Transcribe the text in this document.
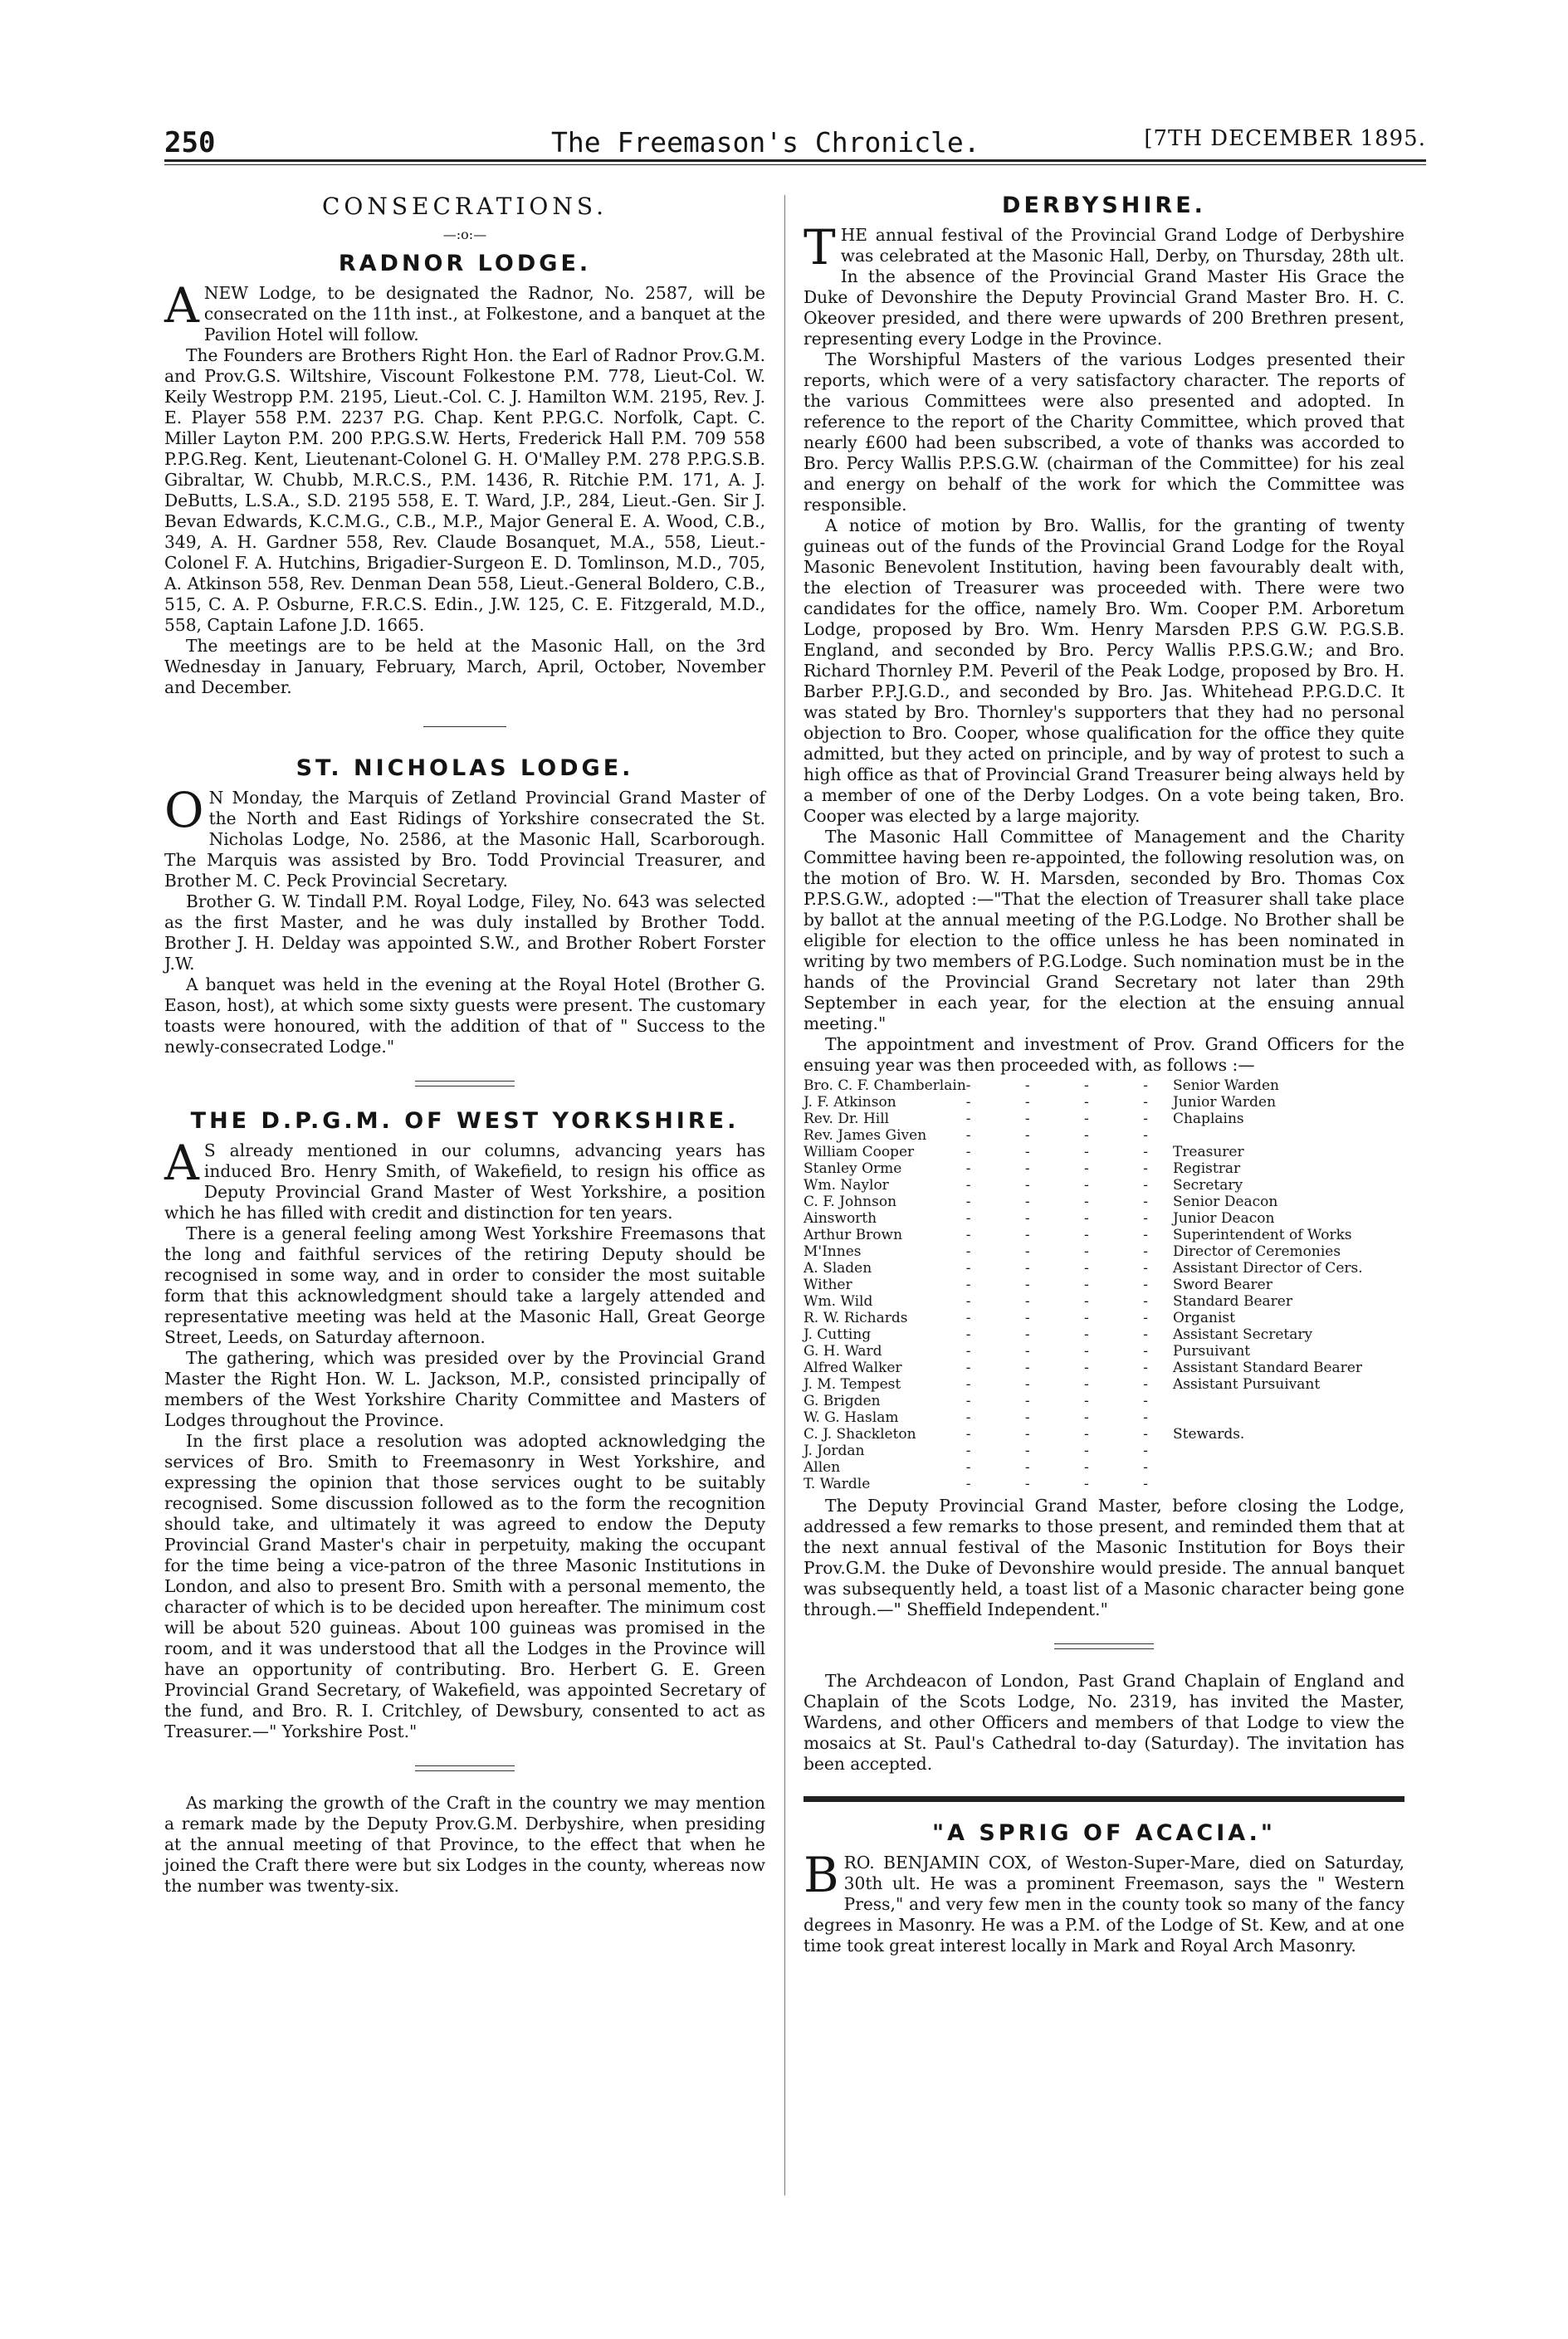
250	The Freemason's Chronicle.	[7TH DECEMBER 1895.
CONSECRATIONS.
—:o:—
RADNOR LODGE.

ANEW Lodge, to be designated the Radnor, No. 2587, will be consecrated on the 11th inst., at Folkestone, and a banquet at the Pavilion Hotel will follow.

The Founders are Brothers Right Hon. the Earl of Radnor Prov.G.M. and Prov.G.S. Wiltshire, Viscount Folkestone P.M. 778, Lieut-Col. W. Keily Westropp P.M. 2195, Lieut.-Col. C. J. Hamilton W.M. 2195, Rev. J. E. Player 558 P.M. 2237 P.G. Chap. Kent P.P.G.C. Norfolk, Capt. C. Miller Layton P.M. 200 P.P.G.S.W. Herts, Frederick Hall P.M. 709 558 P.P.G.Reg. Kent, Lieutenant-Colonel G. H. O'Malley P.M. 278 P.P.G.S.B. Gibraltar, W. Chubb, M.R.C.S., P.M. 1436, R. Ritchie P.M. 171, A. J. DeButts, L.S.A., S.D. 2195 558, E. T. Ward, J.P., 284, Lieut.-Gen. Sir J. Bevan Edwards, K.C.M.G., C.B., M.P., Major General E. A. Wood, C.B., 349, A. H. Gardner 558, Rev. Claude Bosanquet, M.A., 558, Lieut.-Colonel F. A. Hutchins, Brigadier-Surgeon E. D. Tomlinson, M.D., 705, A. Atkinson 558, Rev. Denman Dean 558, Lieut.-General Boldero, C.B., 515, C. A. P. Osburne, F.R.C.S. Edin., J.W. 125, C. E. Fitzgerald, M.D., 558, Captain Lafone J.D. 1665.

The meetings are to be held at the Masonic Hall, on the 3rd Wednesday in January, February, March, April, October, November and December.

ST. NICHOLAS LODGE.

O N Monday, the Marquis of Zetland Provincial Grand Master of the North and East Ridings of Yorkshire consecrated the St. Nicholas Lodge, No. 2586, at the Masonic Hall, Scarborough. The Marquis was assisted by Bro. Todd Provincial Treasurer, and Brother M. C. Peck Provincial Secretary.

Brother G. W. Tindall P.M. Royal Lodge, Filey, No. 643 was selected as the first Master, and he was duly installed by Brother Todd. Brother J. H. Delday was appointed S.W., and Brother Robert Forster J.W.

A banquet was held in the evening at the Royal Hotel (Brother G. Eason, host), at which some sixty guests were present. The customary toasts were honoured, with the addition of that of " Success to the newly-consecrated Lodge."

THE D.P.G.M. OF WEST YORKSHIRE.

A S already mentioned in our columns, advancing years has induced Bro. Henry Smith, of Wakefield, to resign his office as Deputy Provincial Grand Master of West Yorkshire, a position which he has filled with credit and distinction for ten years.

There is a general feeling among West Yorkshire Freemasons that the long and faithful services of the retiring Deputy should be recognised in some way, and in order to consider the most suitable form that this acknowledgment should take a largely attended and representative meeting was held at the Masonic Hall, Great George Street, Leeds, on Saturday afternoon.

The gathering, which was presided over by the Provincial Grand Master the Right Hon. W. L. Jackson, M.P., consisted principally of members of the West Yorkshire Charity Committee and Masters of Lodges throughout the Province.

In the first place a resolution was adopted acknowledging the services of Bro. Smith to Freemasonry in West Yorkshire, and expressing the opinion that those services ought to be suitably recognised. Some discussion followed as to the form the recognition should take, and ultimately it was agreed to endow the Deputy Provincial Grand Master's chair in perpetuity, making the occupant for the time being a vice-patron of the three Masonic Institutions in London, and also to present Bro. Smith with a personal memento, the character of which is to be decided upon hereafter. The minimum cost will be about 520 guineas. About 100 guineas was promised in the room, and it was understood that all the Lodges in the Province will have an opportunity of contributing. Bro. Herbert G. E. Green Provincial Grand Secretary, of Wakefield, was appointed Secretary of the fund, and Bro. R. I. Critchley, of Dewsbury, consented to act as Treasurer.—" Yorkshire Post."

As marking the growth of the Craft in the country we may mention a remark made by the Deputy Prov.G.M. Derbyshire, when presiding at the annual meeting of that Province, to the effect that when he joined the Craft there were but six Lodges in the county, whereas now the number was twenty-six.

DERBYSHIRE.

THE annual festival of the Provincial Grand Lodge of Derbyshire was celebrated at the Masonic Hall, Derby, on Thursday, 28th ult. In the absence of the Provincial Grand Master His Grace the Duke of Devonshire the Deputy Provincial Grand Master Bro. H. C. Okeover presided, and there were upwards of 200 Brethren present, representing every Lodge in the Province.

The Worshipful Masters of the various Lodges presented their reports, which were of a very satisfactory character. The reports of the various Committees were also presented and adopted. In reference to the report of the Charity Committee, which proved that nearly £600 had been subscribed, a vote of thanks was accorded to Bro. Percy Wallis P.P.S.G.W. (chairman of the Committee) for his zeal and energy on behalf of the work for which the Committee was responsible.

A notice of motion by Bro. Wallis, for the granting of twenty guineas out of the funds of the Provincial Grand Lodge for the Royal Masonic Benevolent Institution, having been favourably dealt with, the election of Treasurer was proceeded with. There were two candidates for the office, namely Bro. Wm. Cooper P.M. Arboretum Lodge, proposed by Bro. Wm. Henry Marsden P.P.S G.W. P.G.S.B. England, and seconded by Bro. Percy Wallis P.P.S.G.W.; and Bro. Richard Thornley P.M. Peveril of the Peak Lodge, proposed by Bro. H. Barber P.P.J.G.D., and seconded by Bro. Jas. Whitehead P.P.G.D.C. It was stated by Bro. Thornley's supporters that they had no personal objection to Bro. Cooper, whose qualification for the office they quite admitted, but they acted on principle, and by way of protest to such a high office as that of Provincial Grand Treasurer being always held by a member of one of the Derby Lodges. On a vote being taken, Bro. Cooper was elected by a large majority.

The Masonic Hall Committee of Management and the Charity Committee having been re-appointed, the following resolution was, on the motion of Bro. W. H. Marsden, seconded by Bro. Thomas Cox P.P.S.G.W., adopted :—"That the election of Treasurer shall take place by ballot at the annual meeting of the P.G.Lodge. No Brother shall be eligible for election to the office unless he has been nominated in writing by two members of P.G.Lodge. Such nomination must be in the hands of the Provincial Grand Secretary not later than 29th September in each year, for the election at the ensuing annual meeting."

The appointment and investment of Prov. Grand Officers for the ensuing year was then proceeded with, as follows :—

Bro. C. F. Chamberlain	- - - -	Senior Warden
J. F. Atkinson	- - - -	Junior Warden
Rev. Dr. Hill	- - - -	Chaplains
Rev. James Given	- - - -	
William Cooper	- - - -	Treasurer
Stanley Orme	- - - -	Registrar
Wm. Naylor	- - - -	Secretary
C. F. Johnson	- - - -	Senior Deacon
Ainsworth	- - - -	Junior Deacon
Arthur Brown	- - - -	Superintendent of Works
M'Innes	- - - -	Director of Ceremonies
A. Sladen	- - - -	Assistant Director of Cers.
Wither	- - - -	Sword Bearer
Wm. Wild	- - - -	Standard Bearer
R. W. Richards	- - - -	Organist
J. Cutting	- - - -	Assistant Secretary
G. H. Ward	- - - -	Pursuivant
Alfred Walker	- - - -	Assistant Standard Bearer
J. M. Tempest	- - - -	Assistant Pursuivant
G. Brigden	- - - -	
W. G. Haslam	- - - -	
C. J. Shackleton	- - - -	Stewards.
J. Jordan	- - - -	
Allen	- - - -	
T. Wardle	- - - -	

The Deputy Provincial Grand Master, before closing the Lodge, addressed a few remarks to those present, and reminded them that at the next annual festival of the Masonic Institution for Boys their Prov.G.M. the Duke of Devonshire would preside. The annual banquet was subsequently held, a toast list of a Masonic character being gone through.—" Sheffield Independent."

The Archdeacon of London, Past Grand Chaplain of England and Chaplain of the Scots Lodge, No. 2319, has invited the Master, Wardens, and other Officers and members of that Lodge to view the mosaics at St. Paul's Cathedral to-day (Saturday). The invitation has been accepted.

"A SPRIG OF ACACIA."

BRO. BENJAMIN COX, of Weston-Super-Mare, died on Saturday, 30th ult. He was a prominent Freemason, says the " Western Press," and very few men in the county took so many of the fancy degrees in Masonry. He was a P.M. of the Lodge of St. Kew, and at one time took great interest locally in Mark and Royal Arch Masonry.
